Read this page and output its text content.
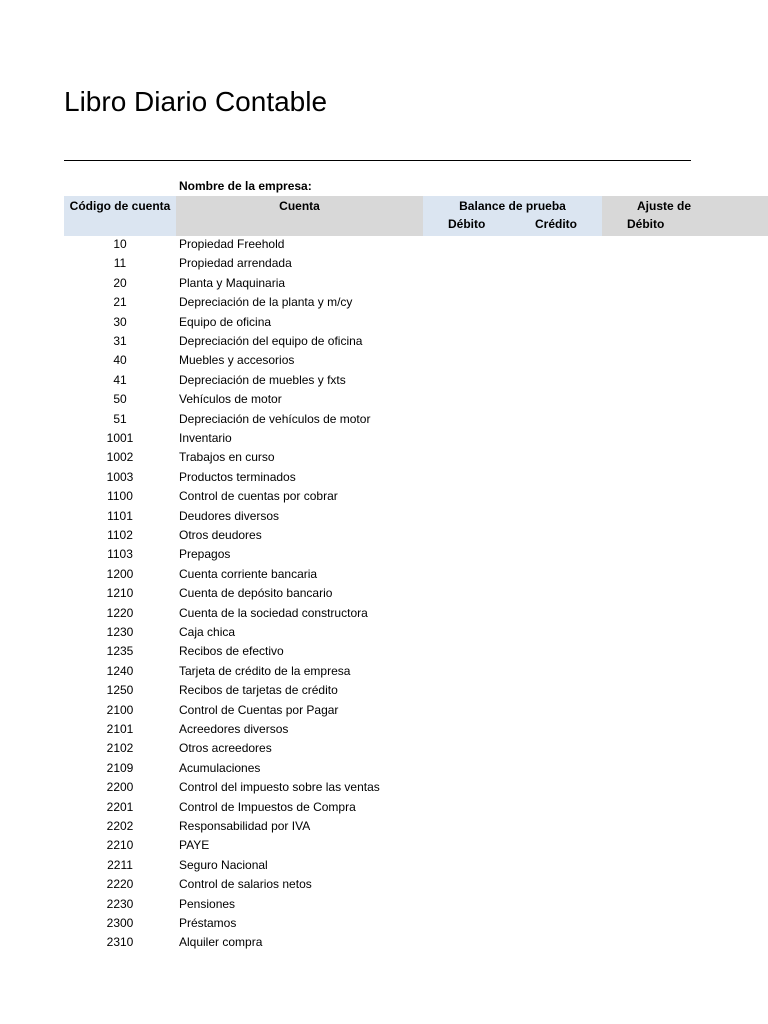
Libro Diario Contable
Nombre de la empresa:
Código de cuenta	Cuenta	Balance de prueba
Débito	Crédito
Ajuste de
Débito
10	Propiedad Freehold
11	Propiedad arrendada
20	Planta y Maquinaria
21	Depreciación de la planta y m/cy
30	Equipo de oficina
31	Depreciación del equipo de oficina
40	Muebles y accesorios
41	Depreciación de muebles y fxts
50	Vehículos de motor
51	Depreciación de vehículos de motor
1001	Inventario
1002	Trabajos en curso
1003	Productos terminados
1100	Control de cuentas por cobrar
1101	Deudores diversos
1102	Otros deudores
1103	Prepagos
1200	Cuenta corriente bancaria
1210	Cuenta de depósito bancario
1220	Cuenta de la sociedad constructora
1230	Caja chica
1235	Recibos de efectivo
1240	Tarjeta de crédito de la empresa
1250	Recibos de tarjetas de crédito
2100	Control de Cuentas por Pagar
2101	Acreedores diversos
2102	Otros acreedores
2109	Acumulaciones
2200	Control del impuesto sobre las ventas
2201	Control de Impuestos de Compra
2202	Responsabilidad por IVA
2210	PAYE
2211	Seguro Nacional
2220	Control de salarios netos
2230	Pensiones
2300	Préstamos
2310	Alquiler compra
